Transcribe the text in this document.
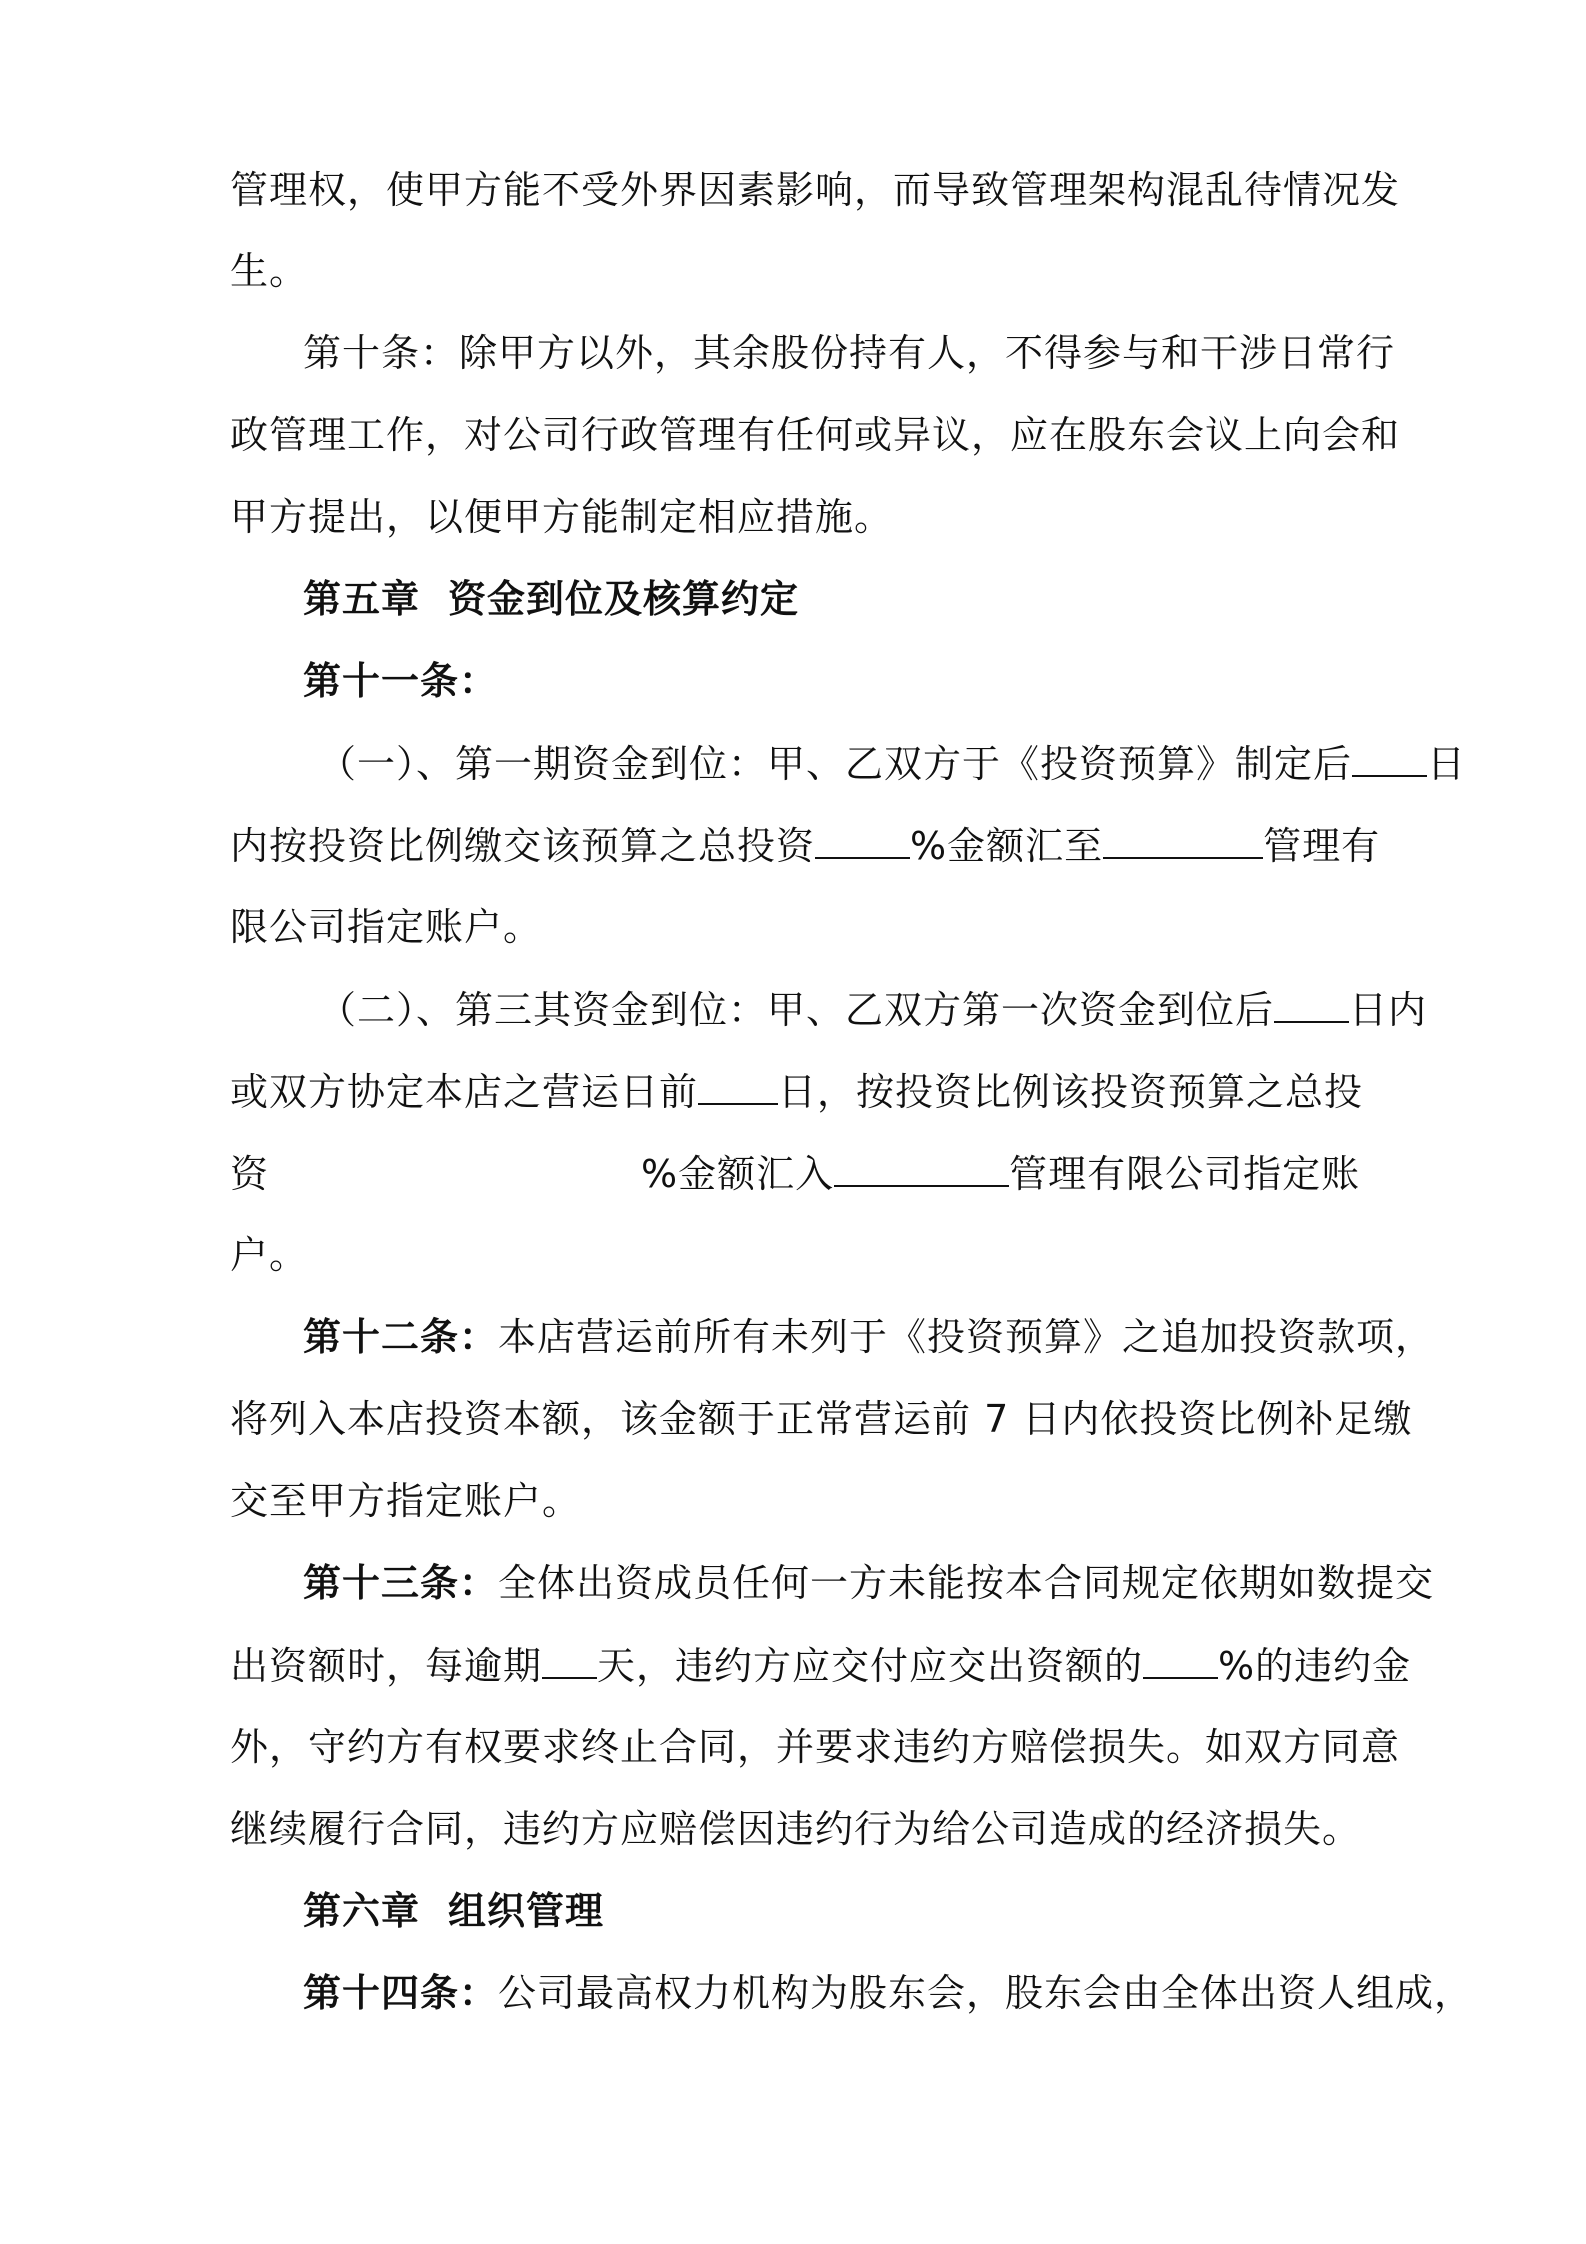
管理权，使甲方能不受外界因素影响，而导致管理架构混乱待情况发
生。
第十条：除甲方以外，其余股份持有人，不得参与和干涉日常行
政管理工作，对公司行政管理有任何或异议，应在股东会议上向会和
甲方提出，以便甲方能制定相应措施。
第五章 资金到位及核算约定
第十一条：
（一）、第一期资金到位：甲、乙双方于《投资预算》制定后 日
内按投资比例缴交该预算之总投资	%金额汇至	管理有
限公司指定账户。
（二）、第三其资金到位：甲、乙双方第一次资金到位后 日内
或双方协定本店之营运日前 日，按投资比例该投资预算之总投
资	%金额汇入	管理有限公司指定账
户。
第十二条：本店营运前所有未列于《投资预算》之追加投资款项，
将列入本店投资本额，该金额于正常营运前 7 日内依投资比例补足缴
交至甲方指定账户。
第十三条：全体出资成员任何一方未能按本合同规定依期如数提交
出资额时，每逾期 天，违约方应交付应交出资额的 %的违约金
外，守约方有权要求终止合同，并要求违约方赔偿损失。如双方同意
继续履行合同，违约方应赔偿因违约行为给公司造成的经济损失。
第六章 组织管理
第十四条：公司最高权力机构为股东会，股东会由全体出资人组成，
